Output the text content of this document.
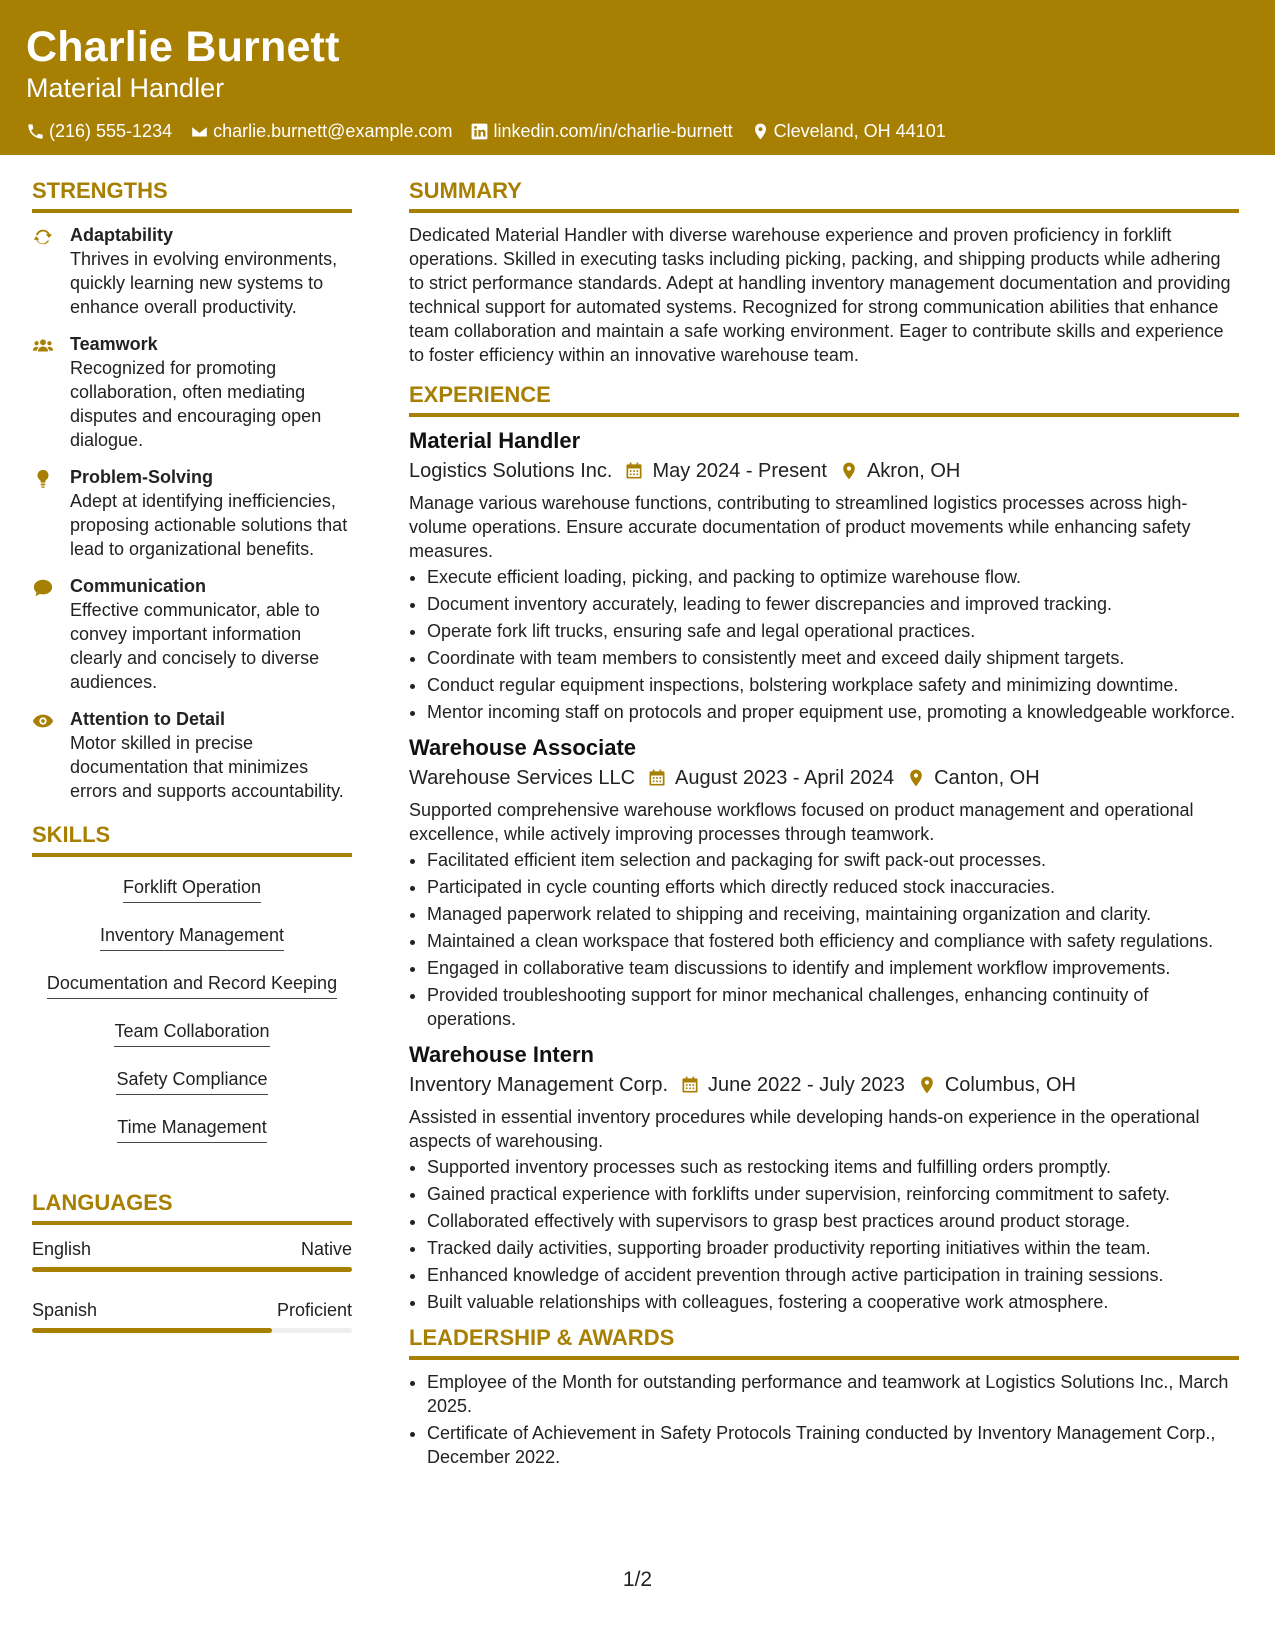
Charlie Burnett
Material Handler
(216) 555-1234 charlie.burnett@example.com linkedin.com/in/charlie-burnett Cleveland, OH 44101
STRENGTHS
Adaptability
Thrives in evolving environments, quickly learning new systems to enhance overall productivity.
Teamwork
Recognized for promoting collaboration, often mediating disputes and encouraging open dialogue.
Problem-Solving
Adept at identifying inefficiencies, proposing actionable solutions that lead to organizational benefits.
Communication
Effective communicator, able to convey important information clearly and concisely to diverse audiences.
Attention to Detail
Motor skilled in precise documentation that minimizes errors and supports accountability.
SKILLS
Forklift Operation
Inventory Management
Documentation and Record Keeping
Team Collaboration
Safety Compliance
Time Management
LANGUAGES
English	Native
Spanish	Proficient
SUMMARY
Dedicated Material Handler with diverse warehouse experience and proven proficiency in forklift operations. Skilled in executing tasks including picking, packing, and shipping products while adhering to strict performance standards. Adept at handling inventory management documentation and providing technical support for automated systems. Recognized for strong communication abilities that enhance team collaboration and maintain a safe working environment. Eager to contribute skills and experience to foster efficiency within an innovative warehouse team.
EXPERIENCE
Material Handler
Logistics Solutions Inc. May 2024 - Present Akron, OH
Manage various warehouse functions, contributing to streamlined logistics processes across high-volume operations. Ensure accurate documentation of product movements while enhancing safety measures.
• Execute efficient loading, picking, and packing to optimize warehouse flow.
• Document inventory accurately, leading to fewer discrepancies and improved tracking.
• Operate fork lift trucks, ensuring safe and legal operational practices.
• Coordinate with team members to consistently meet and exceed daily shipment targets.
• Conduct regular equipment inspections, bolstering workplace safety and minimizing downtime.
• Mentor incoming staff on protocols and proper equipment use, promoting a knowledgeable workforce.
Warehouse Associate
Warehouse Services LLC August 2023 - April 2024 Canton, OH
Supported comprehensive warehouse workflows focused on product management and operational excellence, while actively improving processes through teamwork.
• Facilitated efficient item selection and packaging for swift pack-out processes.
• Participated in cycle counting efforts which directly reduced stock inaccuracies.
• Managed paperwork related to shipping and receiving, maintaining organization and clarity.
• Maintained a clean workspace that fostered both efficiency and compliance with safety regulations.
• Engaged in collaborative team discussions to identify and implement workflow improvements.
• Provided troubleshooting support for minor mechanical challenges, enhancing continuity of operations.
Warehouse Intern
Inventory Management Corp. June 2022 - July 2023 Columbus, OH
Assisted in essential inventory procedures while developing hands-on experience in the operational aspects of warehousing.
• Supported inventory processes such as restocking items and fulfilling orders promptly.
• Gained practical experience with forklifts under supervision, reinforcing commitment to safety.
• Collaborated effectively with supervisors to grasp best practices around product storage.
• Tracked daily activities, supporting broader productivity reporting initiatives within the team.
• Enhanced knowledge of accident prevention through active participation in training sessions.
• Built valuable relationships with colleagues, fostering a cooperative work atmosphere.
LEADERSHIP & AWARDS
• Employee of the Month for outstanding performance and teamwork at Logistics Solutions Inc., March 2025.
• Certificate of Achievement in Safety Protocols Training conducted by Inventory Management Corp., December 2022.
1/2
